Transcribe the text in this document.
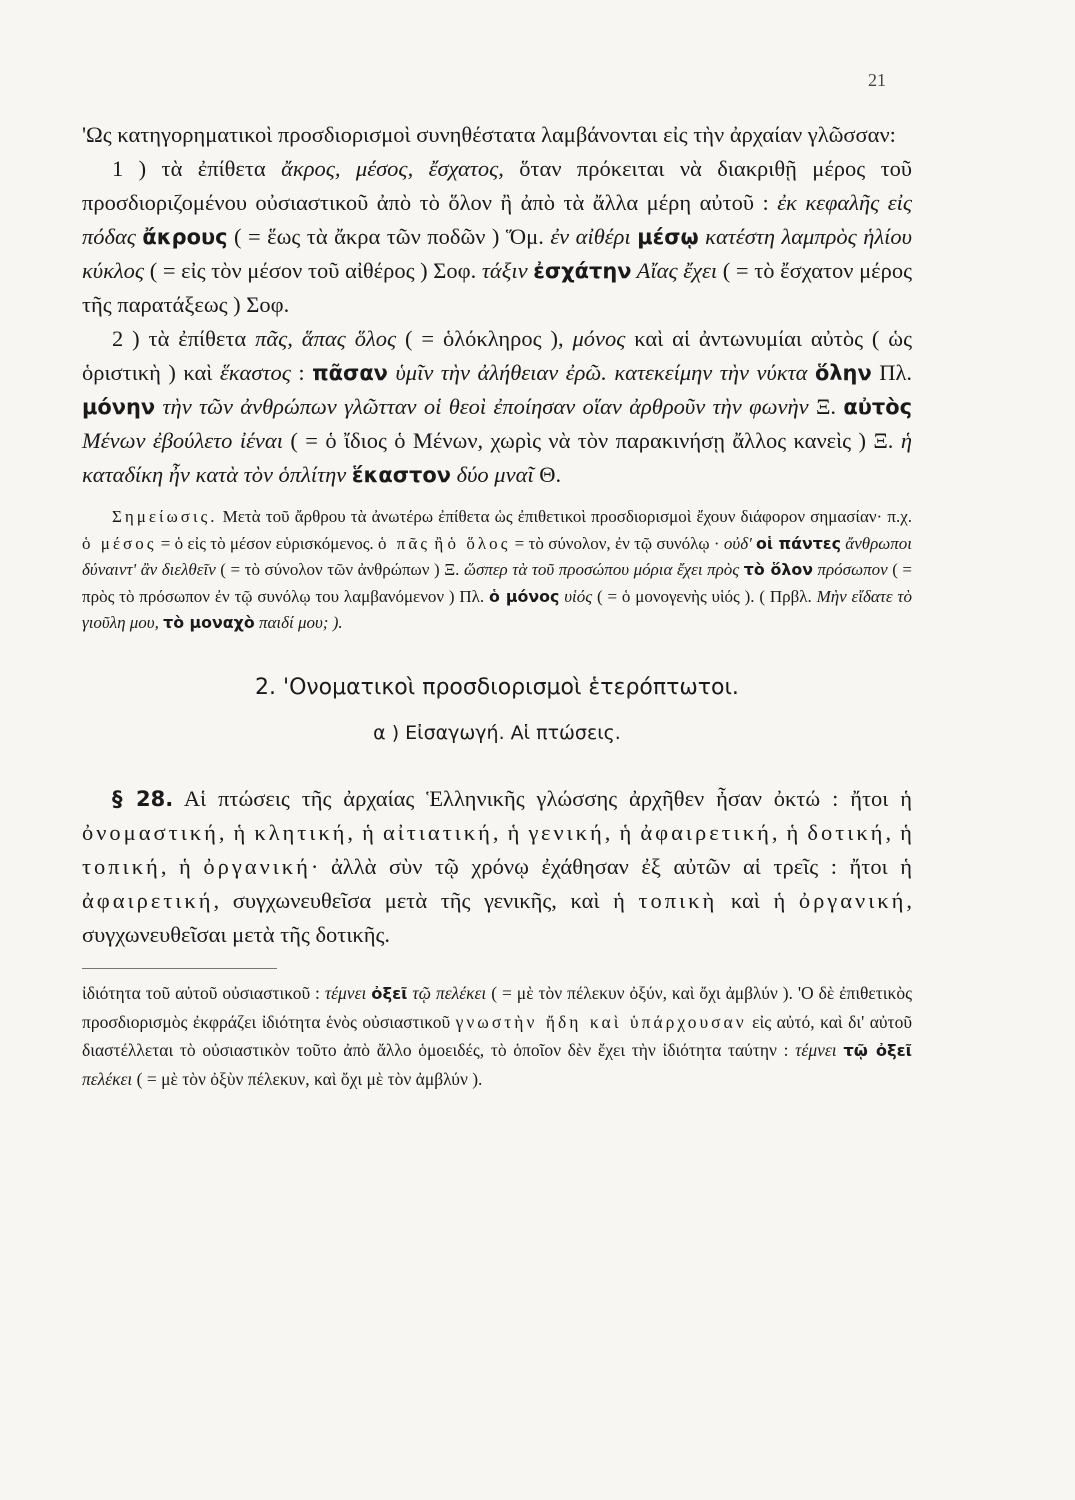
21

'Ως κατηγορηματικοὶ προσδιορισμοὶ συνηθέστατα λαμβάνονται εἰς τὴν ἀρχαίαν γλῶσσαν:

1 ) τὰ ἐπίθετα ἄκρος, μέσος, ἔσχατος, ὅταν πρόκειται νὰ διακριθῇ μέρος τοῦ προσδιοριζομένου οὐσιαστικοῦ ἀπὸ τὸ ὅλον ἢ ἀπὸ τὰ ἄλλα μέρη αὐτοῦ : ἐκ κεφαλῆς εἰς πόδας ἄκρους ( = ἕως τὰ ἄκρα τῶν ποδῶν ) Ὅμ. ἐν αἰθέρι μέσῳ κατέστη λαμπρὸς ἡλίου κύκλος ( = εἰς τὸν μέσον τοῦ αἰθέρος ) Σοφ. τάξιν ἐσχάτην Αἴας ἔχει ( = τὸ ἔσχατον μέρος τῆς παρατάξεως ) Σοφ.

2 ) τὰ ἐπίθετα πᾶς, ἅπας ὅλος ( = ὁλόκληρος ), μόνος καὶ αἱ ἀντωνυμίαι αὐτὸς ( ὡς ὁριστικὴ ) καὶ ἕκαστος : πᾶσαν ὑμῖν τὴν ἀλήθειαν ἐρῶ. κατεκείμην τὴν νύκτα ὅλην Πλ. μόνην τὴν τῶν ἀνθρώπων γλῶτταν οἱ θεοὶ ἐποίησαν οἵαν ἀρθροῦν τὴν φωνὴν Ξ. αὐτὸς Μένων ἐβούλετο ἰέναι ( = ὁ ἴδιος ὁ Μένων, χωρὶς νὰ τὸν παρακινήσῃ ἄλλος κανεὶς ) Ξ. ἡ καταδίκη ἦν κατὰ τὸν ὁπλίτην ἕκαστον δύο μναῖ Θ.

Σημείωσις. Μετὰ τοῦ ἄρθρου τὰ ἀνωτέρω ἐπίθετα ὡς ἐπιθετικοὶ προσδιορισμοὶ ἔχουν διάφορον σημασίαν· π.χ. ὁ μέσος = ὁ εἰς τὸ μέσον εὑρισκόμενος. ὁ πᾶς ἢ ὁ ὅλος = τὸ σύνολον, ἐν τῷ συνόλῳ · οὐδ' οἱ πάντες ἄνθρωποι δύναιντ' ἂν διελθεῖν ( = τὸ σύνολον τῶν ἀνθρώπων ) Ξ. ὥσπερ τὰ τοῦ προσώπου μόρια ἔχει πρὸς τὸ ὅλον πρόσωπον ( = πρὸς τὸ πρόσωπον ἐν τῷ συνόλῳ του λαμβανόμενον ) Πλ. ὁ μόνος υἱός ( = ὁ μονογενὴς υἱός ). ( Πρβλ. Μὴν εἴδατε τὸ γιοῦλη μου, τὸ μοναχὸ παιδί μου; ).

2. 'Ονοματικοὶ προσδιορισμοὶ ἑτερόπτωτοι.
α ) Εἰσαγωγή. Αἱ πτώσεις.

§ 28. Αἱ πτώσεις τῆς ἀρχαίας Ἑλληνικῆς γλώσσης ἀρχῆθεν ἦσαν ὀκτώ : ἤτοι ἡ ὀνομαστική, ἡ κλητική, ἡ αἰτιατική, ἡ γενική, ἡ ἀφαιρετική, ἡ δοτική, ἡ τοπική, ἡ ὀργανική· ἀλλὰ σὺν τῷ χρόνῳ ἐχάθησαν ἐξ αὐτῶν αἱ τρεῖς : ἤτοι ἡ ἀφαιρετική, συγχωνευθεῖσα μετὰ τῆς γενικῆς, καὶ ἡ τοπικὴ καὶ ἡ ὀργανική, συγχωνευθεῖσαι μετὰ τῆς δοτικῆς.

ἰδιότητα τοῦ αὐτοῦ οὐσιαστικοῦ : τέμνει ὀξεῖ τῷ πελέκει ( = μὲ τὸν πέλεκυν ὀξύν, καὶ ὄχι ἀμβλύν ). 'Ο δὲ ἐπιθετικὸς προσδιορισμὸς ἐκφράζει ἰδιότητα ἑνὸς οὐσιαστικοῦ γνωστὴν ἤδη καὶ ὑπάρχουσαν εἰς αὐτό, καὶ δι' αὐτοῦ διαστέλλεται τὸ οὐσιαστικὸν τοῦτο ἀπὸ ἄλλο ὁμοειδές, τὸ ὁποῖον δὲν ἔχει τὴν ἰδιότητα ταύτην : τέμνει τῷ ὀξεῖ πελέκει ( = μὲ τὸν ὀξὺν πέλεκυν, καὶ ὄχι μὲ τὸν ἀμβλύν ).
